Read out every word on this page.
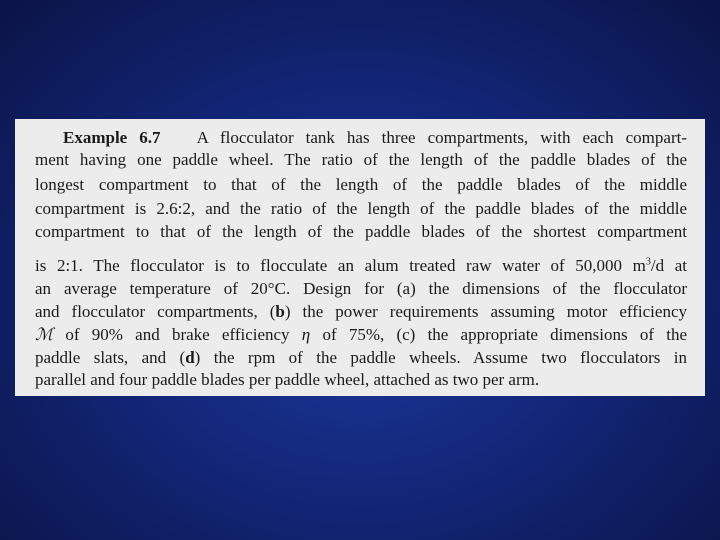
Example 6.7 A flocculator tank has three compartments, with each compart-
ment having one paddle wheel. The ratio of the length of the paddle blades of the
longest compartment to that of the length of the paddle blades of the middle
compartment is 2.6:2, and the ratio of the length of the paddle blades of the middle
compartment to that of the length of the paddle blades of the shortest compartment
is 2:1. The flocculator is to flocculate an alum treated raw water of 50,000 $m^3/d$ at
an average temperature of 20°C. Design for (a) the dimensions of the flocculator
and flocculator compartments, (b) the power requirements assuming motor efficiency
ℳ of 90% and brake efficiency η of 75%, (c) the appropriate dimensions of the
paddle slats, and (d) the rpm of the paddle wheels. Assume two flocculators in
parallel and four paddle blades per paddle wheel, attached as two per arm.
